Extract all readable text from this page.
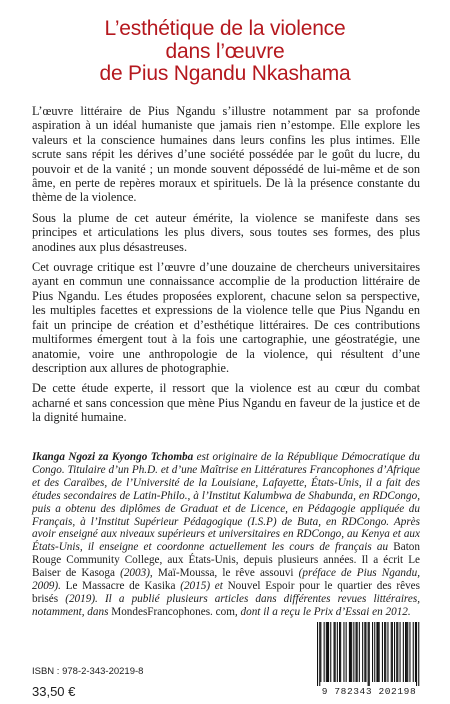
L’esthétique de la violence
dans l’œuvre
de Pius Ngandu Nkashama

L’œuvre littéraire de Pius Ngandu s’illustre notamment par sa profonde aspiration à un idéal humaniste que jamais rien n’estompe. Elle explore les valeurs et la conscience humaines dans leurs confins les plus intimes. Elle scrute sans répit les dérives d’une société possédée par le goût du lucre, du pouvoir et de la vanité ; un monde souvent dépossédé de lui-même et de son âme, en perte de repères moraux et spirituels. De là la présence constante du thème de la violence.

Sous la plume de cet auteur émérite, la violence se manifeste dans ses principes et articulations les plus divers, sous toutes ses formes, des plus anodines aux plus désastreuses.

Cet ouvrage critique est l’œuvre d’une douzaine de chercheurs universitaires ayant en commun une connaissance accomplie de la production littéraire de Pius Ngandu. Les études proposées explorent, chacune selon sa perspective, les multiples facettes et expressions de la violence telle que Pius Ngandu en fait un principe de création et d’esthétique littéraires. De ces contributions multiformes émergent tout à la fois une cartographie, une géostratégie, une anatomie, voire une anthropologie de la violence, qui résultent d’une description aux allures de photographie.

De cette étude experte, il ressort que la violence est au cœur du combat acharné et sans concession que mène Pius Ngandu en faveur de la justice et de la dignité humaine.

Ikanga Ngozi za Kyongo Tchomba est originaire de la République Démocratique du Congo. Titulaire d’un Ph.D. et d’une Maîtrise en Littératures Francophones d’Afrique et des Caraïbes, de l’Université de la Louisiane, Lafayette, États-Unis, il a fait des études secondaires de Latin-Philo., à l’Institut Kalumbwa de Shabunda, en RDCongo, puis a obtenu des diplômes de Graduat et de Licence, en Pédagogie appliquée du Français, à l’Institut Supérieur Pédagogique (I.S.P) de Buta, en RDCongo. Après avoir enseigné aux niveaux supérieurs et universitaires en RDCongo, au Kenya et aux États-Unis, il enseigne et coordonne actuellement les cours de français au Baton Rouge Community College, aux États-Unis, depuis plusieurs années. Il a écrit Le Baiser de Kasoga (2003), Maï-Moussa, le rêve assouvi (préface de Pius Ngandu, 2009). Le Massacre de Kasika (2015) et Nouvel Espoir pour le quartier des rêves brisés (2019). Il a publié plusieurs articles dans différentes revues littéraires, notamment, dans MondesFrancophones. com, dont il a reçu le Prix d’Essai en 2012.

ISBN : 978-2-343-20219-8
33,50 €	9 782343 202198
